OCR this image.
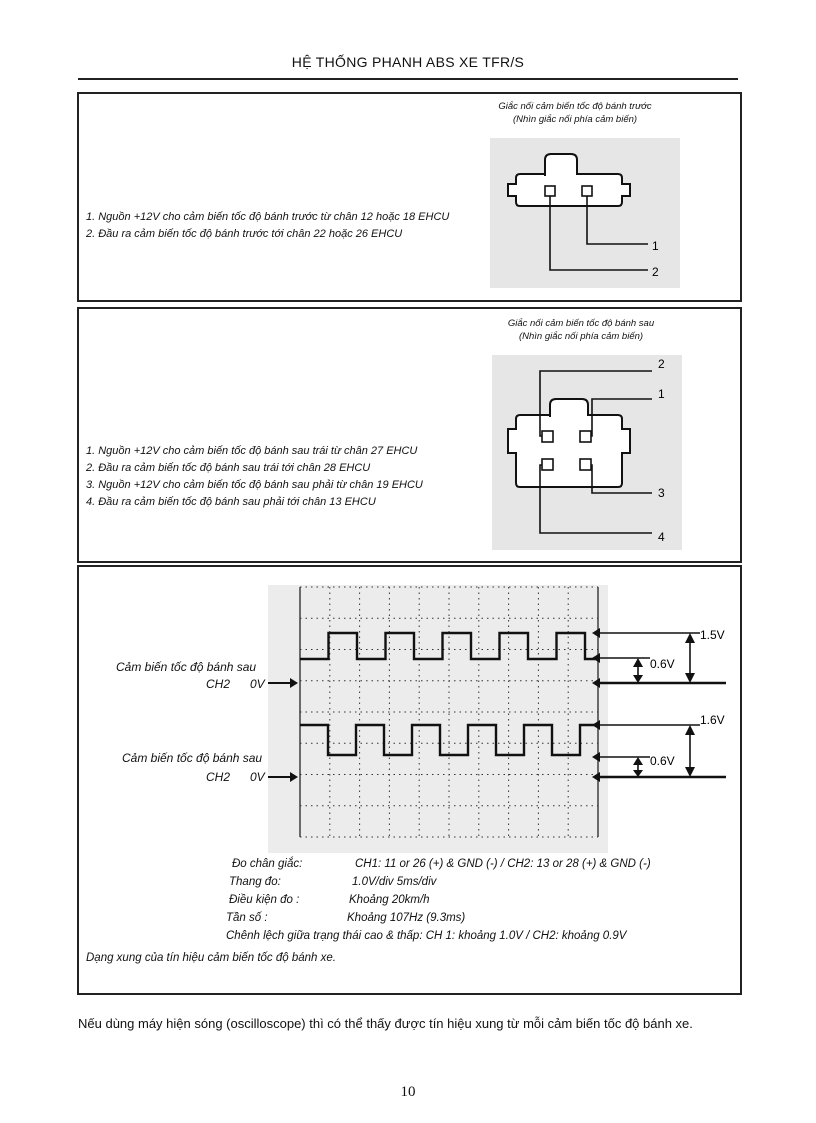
HỆ THỐNG PHANH ABS XE TFR/S
Giắc nối cảm biến tốc độ bánh trước
(Nhìn giắc nối phía cảm biến)
1. Nguồn +12V cho cảm biến tốc độ bánh trước từ chân 12 hoặc 18 EHCU
2. Đầu ra cảm biến tốc độ bánh trước tới chân 22 hoặc 26 EHCU
1
2
Giắc nối cảm biến tốc độ bánh sau
(Nhìn giắc nối phía cảm biến)
1. Nguồn +12V cho cảm biến tốc độ bánh sau trái từ chân 27 EHCU
2. Đầu ra cảm biến tốc độ bánh sau trái tới chân 28 EHCU
3. Nguồn +12V cho cảm biến tốc độ bánh sau phải từ chân 19 EHCU
4. Đầu ra cảm biến tốc độ bánh sau phải tới chân 13 EHCU
2
1
3
4
1.5V
0.6V
1.6V
0.6V
Cảm biến tốc độ bánh sau
CH2 0V
Cảm biến tốc độ bánh sau
CH2 0V
Đo chân giắc:	CH1: 11 or 26 (+) & GND (-) / CH2: 13 or 28 (+) & GND (-)
Thang đo:	1.0V/div 5ms/div
Điều kiện đo :	Khoảng 20km/h
Tần số :	Khoảng 107Hz (9.3ms)
Chênh lệch giữa trạng thái cao & thấp: CH 1: khoảng 1.0V / CH2: khoảng 0.9V
Dạng xung của tín hiệu cảm biến tốc độ bánh xe.
Nếu dùng máy hiện sóng (oscilloscope) thì có thể thấy được tín hiệu xung từ mỗi cảm biến tốc độ bánh xe.
10
